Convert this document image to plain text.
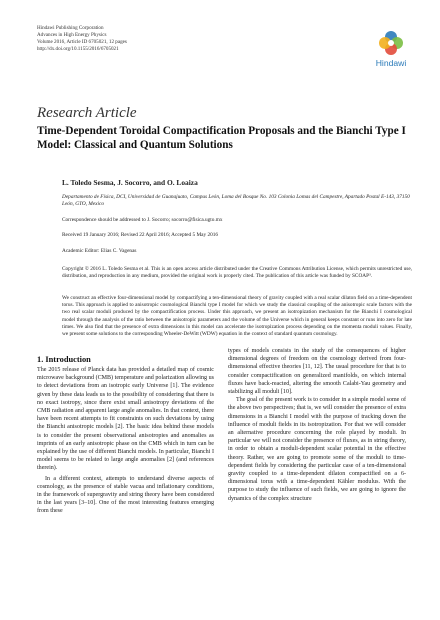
Hindawi Publishing Corporation
Advances in High Energy Physics
Volume 2016, Article ID 6705021, 12 pages
http://dx.doi.org/10.1155/2016/6705021
Hindawi
Research Article
Time-Dependent Toroidal Compactification Proposals and the Bianchi Type I Model: Classical and Quantum Solutions
L. Toledo Sesma, J. Socorro, and O. Loaiza
Departamento de Física, DCI, Universidad de Guanajuato, Campus León, Loma del Bosque No. 103 Colonia Lomas del Campestre, Apartado Postal E-143, 37150 León, GTO, Mexico
Correspondence should be addressed to J. Socorro; socorro@fisica.ugto.mx
Received 19 January 2016; Revised 22 April 2016; Accepted 5 May 2016
Academic Editor: Elias C. Vagenas
Copyright © 2016 L. Toledo Sesma et al. This is an open access article distributed under the Creative Commons Attribution License, which permits unrestricted use, distribution, and reproduction in any medium, provided the original work is properly cited. The publication of this article was funded by SCOAP³.
We construct an effective four-dimensional model by compactifying a ten-dimensional theory of gravity coupled with a real scalar dilaton field on a time-dependent torus. This approach is applied to anisotropic cosmological Bianchi type I model for which we study the classical coupling of the anisotropic scale factors with the two real scalar moduli produced by the compactification process. Under this approach, we present an isotropization mechanism for the Bianchi I cosmological model through the analysis of the ratio between the anisotropic parameters and the volume of the Universe which in general keeps constant or runs into zero for late times. We also find that the presence of extra dimensions in this model can accelerate the isotropization process depending on the momenta moduli values. Finally, we present some solutions to the corresponding Wheeler-DeWitt (WDW) equation in the context of standard quantum cosmology.
1. Introduction

The 2015 release of Planck data has provided a detailed map of cosmic microwave background (CMB) temperature and polarization allowing us to detect deviations from an isotropic early Universe [1]. The evidence given by these data leads us to the possibility of considering that there is no exact isotropy, since there exist small anisotropy deviations of the CMB radiation and apparent large angle anomalies. In that context, there have been recent attempts to fit constraints on such deviations by using the Bianchi anisotropic models [2]. The basic idea behind these models is to consider the present observational anisotropies and anomalies as imprints of an early anisotropic phase on the CMB which in turn can be explained by the use of different Bianchi models. In particular, Bianchi I model seems to be related to large angle anomalies [2] (and references therein).

In a different context, attempts to understand diverse aspects of cosmology, as the presence of stable vacua and inflationary conditions, in the framework of supergravity and string theory have been considered in the last years [3–10]. One of the most interesting features emerging from these

types of models consists in the study of the consequences of higher dimensional degrees of freedom on the cosmology derived from four-dimensional effective theories [11, 12]. The usual procedure for that is to consider compactification on generalized manifolds, on which internal fluxes have back-reacted, altering the smooth Calabi-Yau geometry and stabilizing all moduli [10].

The goal of the present work is to consider in a simple model some of the above two perspectives; that is, we will consider the presence of extra dimensions in a Bianchi I model with the purpose of tracking down the influence of moduli fields in its isotropization. For that we will consider an alternative procedure concerning the role played by moduli. In particular we will not consider the presence of fluxes, as in string theory, in order to obtain a moduli-dependent scalar potential in the effective theory. Rather, we are going to promote some of the moduli to time-dependent fields by considering the particular case of a ten-dimensional gravity coupled to a time-dependent dilaton compactified on a 6-dimensional torus with a time-dependent Kähler modulus. With the purpose to study the influence of such fields, we are going to ignore the dynamics of the complex structure
